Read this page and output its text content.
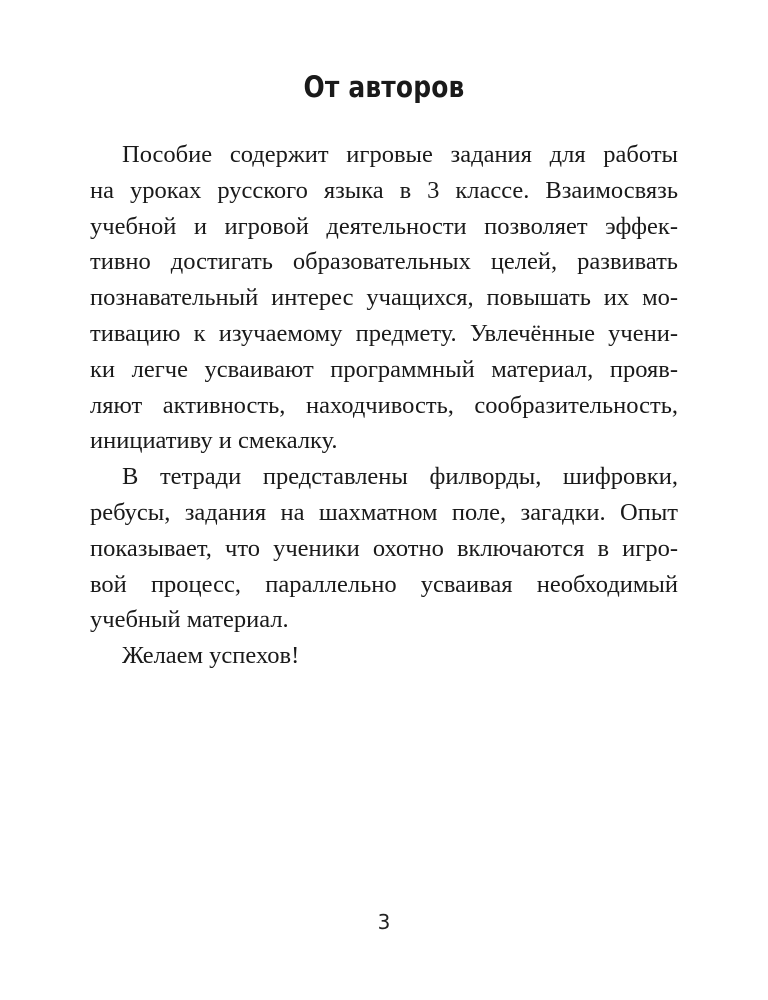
От авторов
Пособие содержит игровые задания для работы
на уроках русского языка в 3 классе. Взаимосвязь
учебной и игровой деятельности позволяет эффек-
тивно достигать образовательных целей, развивать
познавательный интерес учащихся, повышать их мо-
тивацию к изучаемому предмету. Увлечённые учени-
ки легче усваивают программный материал, прояв-
ляют активность, находчивость, сообразительность,
инициативу и смекалку.
В тетради представлены филворды, шифровки,
ребусы, задания на шахматном поле, загадки. Опыт
показывает, что ученики охотно включаются в игро-
вой процесс, параллельно усваивая необходимый
учебный материал.
Желаем успехов!
3
